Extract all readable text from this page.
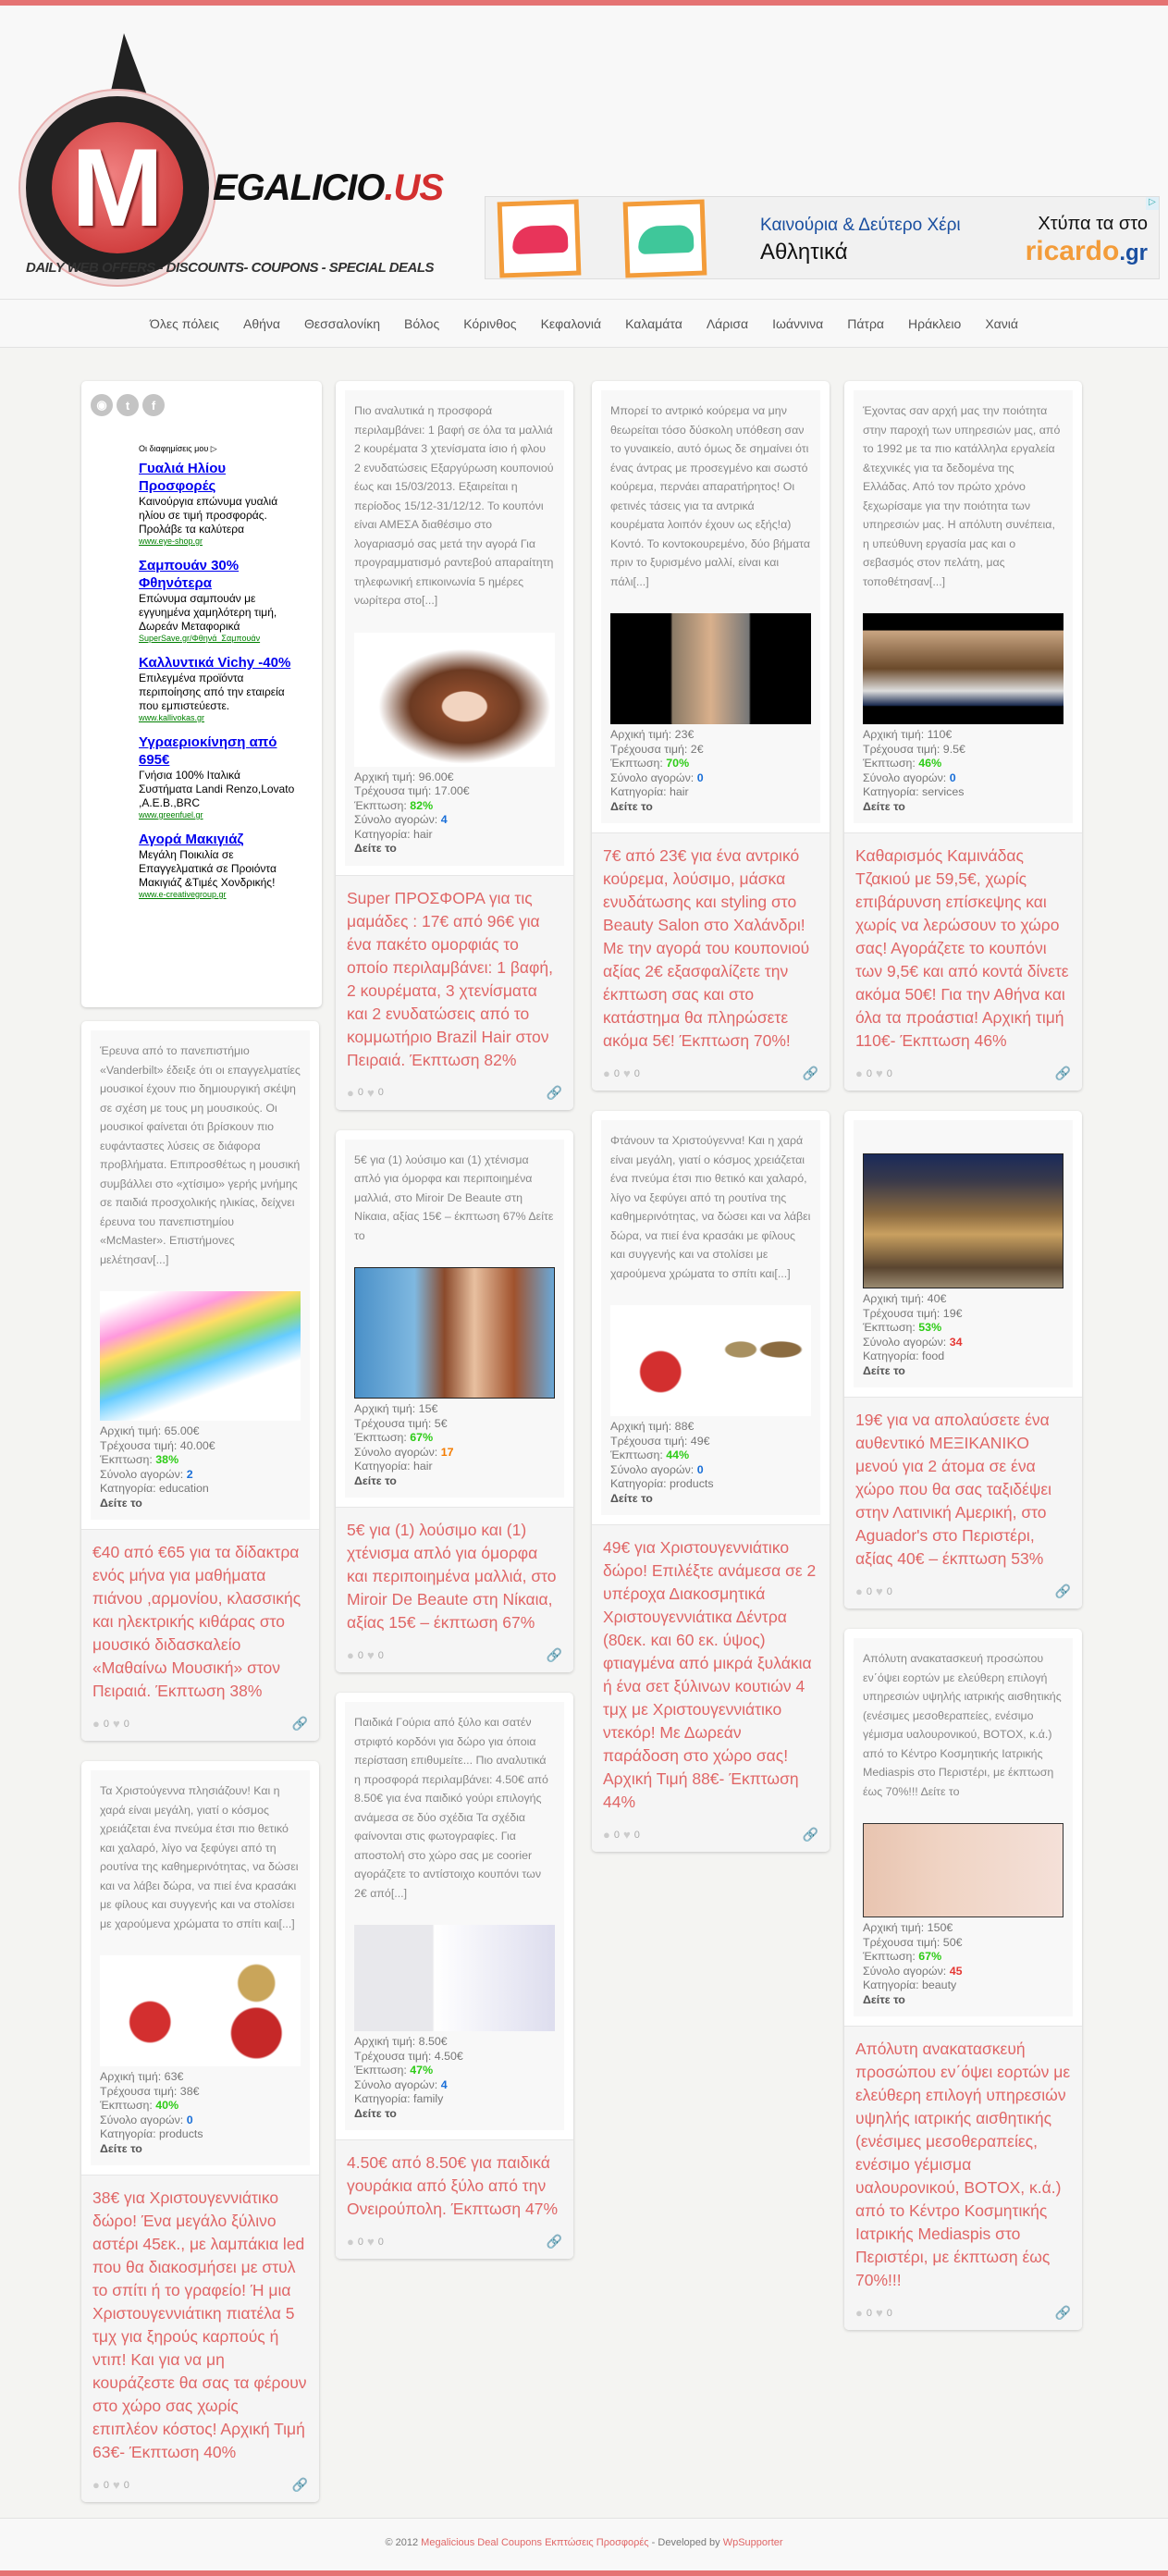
M	EGALICIO.US
DAILY WEB OFFERS - DISCOUNTS- COUPONS - SPECIAL DEALS
Καινούρια & Δεύτερο Χέρι
Αθλητικά
Χτύπα τα στο
ricardo.gr
▷
Όλες πόλεις	Αθήνα	Θεσσαλονίκη	Βόλος	Κόρινθος	Κεφαλονιά	Καλαμάτα	Λάρισα	Ιωάννινα	Πάτρα	Ηράκλειο	Χανιά
◉	t	f
Οι διαφημίσεις μου ▷
Γυαλιά Ηλίου Προσφορές
Καινούργια επώνυμα γυαλιά ηλίου σε τιμή προσφοράς. Προλάβε τα καλύτερα
www.eye-shop.gr
Σαμπουάν 30% Φθηνότερα
Επώνυμα σαμπουάν με εγγυημένα χαμηλότερη τιμή, Δωρεάν Μεταφορικά
SuperSave.gr/Φθηνά_Σαμπουάν
Καλλυντικά Vichy -40%
Επιλεγμένα προϊόντα περιποίησης από την εταιρεία που εμπιστεύεστε.
www.kallivokas.gr
Υγραεριοκίνηση από 695€
Γνήσια 100% Ιταλικά Συστήματα Landi Renzo,Lovato ,A.E.B.,BRC
www.greenfuel.gr
Αγορά Μακιγιάζ
Μεγάλη Ποικιλία σε Επαγγελματικά σε Προιόντα Μακιγιάζ &Τιμές Χονδρικής!
www.e-creativegroup.gr
Έρευνα από το πανεπιστήμιο «Vanderbilt» έδειξε ότι οι επαγγελματίες μουσικοί έχουν πιο δημιουργική σκέψη σε σχέση με τους μη μουσικούς. Οι μουσικοί φαίνεται ότι βρίσκουν πιο ευφάνταστες λύσεις σε διάφορα προβλήματα. Επιπροσθέτως η μουσική συμβάλλει στο «χτίσιμο» γερής μνήμης σε παιδιά προσχολικής ηλικίας, δείχνει έρευνα του πανεπιστημίου «McMaster». Επιστήμονες μελέτησαν[...]
Αρχική τιμή: 65.00€
Τρέχουσα τιμή: 40.00€
Έκπτωση: 38%
Σύνολο αγορών: 2
Κατηγορία: education
Δείτε το
€40 από €65 για τα δίδακτρα ενός μήνα για μαθήματα πιάνου ,αρμονίου, κλασσικής και ηλεκτρικής κιθάρας στο μουσικό διδασκαλείο «Μαθαίνω Μουσική» στον Πειραιά. Έκπτωση 38%
● 0 ♥ 0	🔗
Τα Χριστούγεννα πλησιάζουν! Και η χαρά είναι μεγάλη, γιατί ο κόσμος χρειάζεται ένα πνεύμα έτσι πιο θετικό και χαλαρό, λίγο να ξεφύγει από τη ρουτίνα της καθημερινότητας, να δώσει και να λάβει δώρα, να πιεί ένα κρασάκι με φίλους και συγγενής και να στολίσει με χαρούμενα χρώματα το σπίτι και[...]
Αρχική τιμή: 63€
Τρέχουσα τιμή: 38€
Έκπτωση: 40%
Σύνολο αγορών: 0
Κατηγορία: products
Δείτε το
38€ για Χριστουγεννιάτικο δώρο! Ένα μεγάλο ξύλινο αστέρι 45εκ., με λαμπάκια led που θα διακοσμήσει με στυλ το σπίτι ή το γραφείο! Ή μια Χριστουγεννιάτικη πιατέλα 5 τμχ για ξηρούς καρπούς ή ντιπ! Και για να μη κουράζεστε θα σας τα φέρουν στο χώρο σας χωρίς επιπλέον κόστος! Αρχική Τιμή 63€- Έκπτωση 40%
● 0 ♥ 0	🔗
Πιο αναλυτικά η προσφορά περιλαμβάνει: 1 βαφή σε όλα τα μαλλιά 2 κουρέματα 3 χτενίσματα ίσιο ή φλου 2 ενυδατώσεις Εξαργύρωση κουπονιού έως και 15/03/2013. Εξαιρείται η περίοδος 15/12-31/12/12. Το κουπόνι είναι ΑΜΕΣΑ διαθέσιμο στο λογαριασμό σας μετά την αγορά Για προγραμματισμό ραντεβού απαραίτητη τηλεφωνική επικοινωνία 5 ημέρες νωρίτερα στο[...]
Αρχική τιμή: 96.00€
Τρέχουσα τιμή: 17.00€
Έκπτωση: 82%
Σύνολο αγορών: 4
Κατηγορία: hair
Δείτε το
Super ΠΡΟΣΦΟΡΑ για τις μαμάδες : 17€ από 96€ για ένα πακέτο ομορφιάς το οποίο περιλαμβάνει: 1 βαφή, 2 κουρέματα, 3 χτενίσματα και 2 ενυδατώσεις από το κομμωτήριο Brazil Hair στον Πειραιά. Έκπτωση 82%
● 0 ♥ 0	🔗
5€ για (1) λούσιμο και (1) χτένισμα απλό για όμορφα και περιποιημένα μαλλιά, στο Miroir De Beaute στη Νίκαια, αξίας 15€ – έκπτωση 67% Δείτε το
Αρχική τιμή: 15€
Τρέχουσα τιμή: 5€
Έκπτωση: 67%
Σύνολο αγορών: 17
Κατηγορία: hair
Δείτε το
5€ για (1) λούσιμο και (1) χτένισμα απλό για όμορφα και περιποιημένα μαλλιά, στο Miroir De Beaute στη Νίκαια, αξίας 15€ – έκπτωση 67%
● 0 ♥ 0	🔗
Παιδικά Γούρια από ξύλο και σατέν στριφτό κορδόνι για δώρο για όποια περίσταση επιθυμείτε... Πιο αναλυτικά η προσφορά περιλαμβάνει: 4.50€ από 8.50€ για ένα παιδικό γούρι επιλογής ανάμεσα σε δύο σχέδια Τα σχέδια φαίνονται στις φωτογραφίες. Για αποστολή στο χώρο σας με coorier αγοράζετε το αντίστοιχο κουπόνι των 2€ από[...]
Αρχική τιμή: 8.50€
Τρέχουσα τιμή: 4.50€
Έκπτωση: 47%
Σύνολο αγορών: 4
Κατηγορία: family
Δείτε το
4.50€ από 8.50€ για παιδικά γουράκια από ξύλο από την Ονειρούπολη. Έκπτωση 47%
● 0 ♥ 0	🔗
Μπορεί το αντρικό κούρεμα να μην θεωρείται τόσο δύσκολη υπόθεση σαν το γυναικείο, αυτό όμως δε σημαίνει ότι ένας άντρας με προσεγμένο και σωστό κούρεμα, περνάει απαρατήρητος! Οι φετινές τάσεις για τα αντρικά κουρέματα λοιπόν έχουν ως εξής!α) Κοντό. Το κοντοκουρεμένο, δύο βήματα πριν το ξυρισμένο μαλλί, είναι και πάλι[...]
Αρχική τιμή: 23€
Τρέχουσα τιμή: 2€
Έκπτωση: 70%
Σύνολο αγορών: 0
Κατηγορία: hair
Δείτε το
7€ από 23€ για ένα αντρικό κούρεμα, λούσιμο, μάσκα ενυδάτωσης και styling στο Beauty Salon στο Χαλάνδρι! Με την αγορά του κουπονιού αξίας 2€ εξασφαλίζετε την έκπτωση σας και στο κατάστημα θα πληρώσετε ακόμα 5€! Έκπτωση 70%!
● 0 ♥ 0	🔗
Φτάνουν τα Χριστούγεννα! Και η χαρά είναι μεγάλη, γιατί ο κόσμος χρειάζεται ένα πνεύμα έτσι πιο θετικό και χαλαρό, λίγο να ξεφύγει από τη ρουτίνα της καθημερινότητας, να δώσει και να λάβει δώρα, να πιεί ένα κρασάκι με φίλους και συγγενής και να στολίσει με χαρούμενα χρώματα το σπίτι και[...]
Αρχική τιμή: 88€
Τρέχουσα τιμή: 49€
Έκπτωση: 44%
Σύνολο αγορών: 0
Κατηγορία: products
Δείτε το
49€ για Χριστουγεννιάτικο δώρο! Επιλέξτε ανάμεσα σε 2 υπέροχα Διακοσμητικά Χριστουγεννιάτικα Δέντρα (80εκ. και 60 εκ. ύψος) φτιαγμένα από μικρά ξυλάκια ή ένα σετ ξύλινων κουτιών 4 τμχ με Χριστουγεννιάτικο ντεκόρ! Με Δωρεάν παράδοση στο χώρο σας! Αρχική Τιμή 88€- Έκπτωση 44%
● 0 ♥ 0	🔗
Έχοντας σαν αρχή μας την ποιότητα στην παροχή των υπηρεσιών μας, από το 1992 με τα πιο κατάλληλα εργαλεία &τεχνικές για τα δεδομένα της Ελλάδας. Από τον πρώτο χρόνο ξεχωρίσαμε για την ποιότητα των υπηρεσιών μας. Η απόλυτη συνέπεια, η υπεύθυνη εργασία μας και ο σεβασμός στον πελάτη, μας τοποθέτησαν[...]
Αρχική τιμή: 110€
Τρέχουσα τιμή: 9.5€
Έκπτωση: 46%
Σύνολο αγορών: 0
Κατηγορία: services
Δείτε το
Καθαρισμός Καμινάδας Τζακιού με 59,5€, χωρίς επιβάρυνση επίσκεψης και χωρίς να λερώσουν το χώρο σας! Αγοράζετε το κουπόνι των 9,5€ και από κοντά δίνετε ακόμα 50€! Για την Αθήνα και όλα τα προάστια! Αρχική τιμή 110€- Έκπτωση 46%
● 0 ♥ 0	🔗
Αρχική τιμή: 40€
Τρέχουσα τιμή: 19€
Έκπτωση: 53%
Σύνολο αγορών: 34
Κατηγορία: food
Δείτε το
19€ για να απολαύσετε ένα αυθεντικό ΜΕΞΙΚΑΝΙΚΟ μενού για 2 άτομα σε ένα χώρο που θα σας ταξιδέψει στην Λατινική Αμερική, στο Aguador's στο Περιστέρι, αξίας 40€ – έκπτωση 53%
● 0 ♥ 0	🔗
Απόλυτη ανακατασκευή προσώπου εν΄όψει εορτών με ελεύθερη επιλογή υπηρεσιών υψηλής ιατρικής αισθητικής (ενέσιμες μεσοθεραπείες, ενέσιμο γέμισμα υαλουρονικού, BOTOX, κ.ά.) από το Κέντρο Κοσμητικής Ιατρικής Mediaspis στο Περιστέρι, με έκπτωση έως 70%!!! Δείτε το
Αρχική τιμή: 150€
Τρέχουσα τιμή: 50€
Έκπτωση: 67%
Σύνολο αγορών: 45
Κατηγορία: beauty
Δείτε το
Απόλυτη ανακατασκευή προσώπου εν΄όψει εορτών με ελεύθερη επιλογή υπηρεσιών υψηλής ιατρικής αισθητικής (ενέσιμες μεσοθεραπείες, ενέσιμο γέμισμα υαλουρονικού, BOTOX, κ.ά.) από το Κέντρο Κοσμητικής Ιατρικής Mediaspis στο Περιστέρι, με έκπτωση έως 70%!!!
● 0 ♥ 0	🔗
© 2012 Megalicious Deal Coupons Εκπτώσεις Προσφορές - Developed by WpSupporter
